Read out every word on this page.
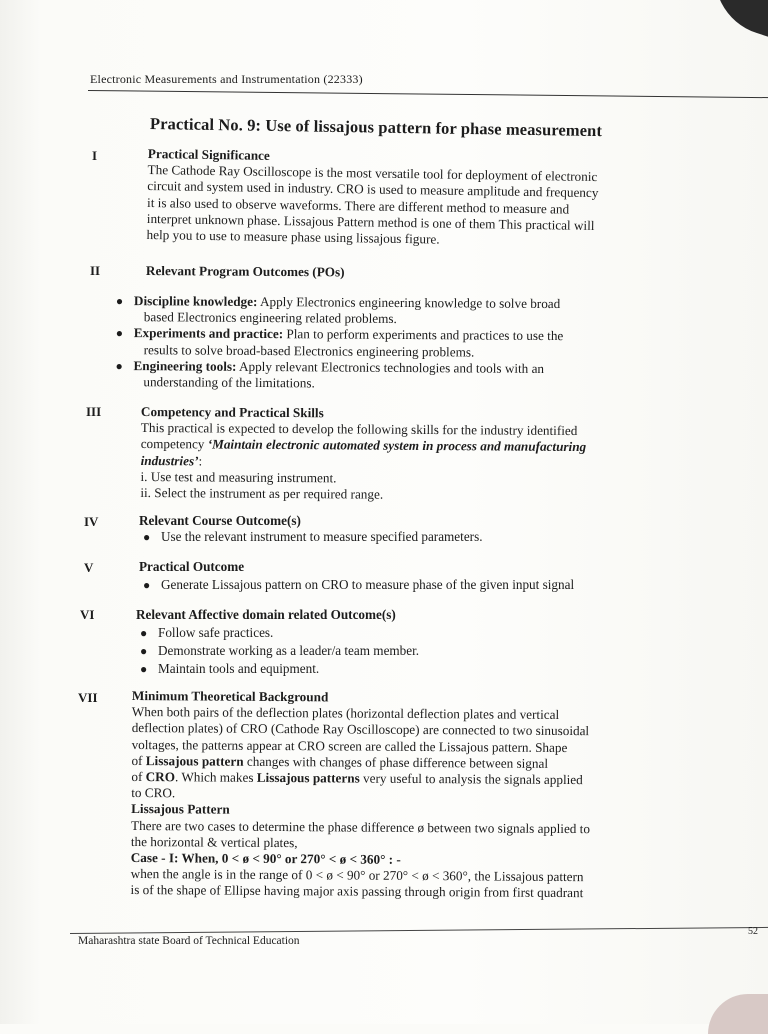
Electronic Measurements and Instrumentation (22333)
Practical No. 9: Use of lissajous pattern for phase measurement
I	Practical Significance
The Cathode Ray Oscilloscope is the most versatile tool for deployment of electronic
circuit and system used in industry. CRO is used to measure amplitude and frequency
it is also used to observe waveforms. There are different method to measure and
interpret unknown phase. Lissajous Pattern method is one of them This practical will
help you to use to measure phase using lissajous figure.
II	Relevant Program Outcomes (POs)
● Discipline knowledge: Apply Electronics engineering knowledge to solve broad
based Electronics engineering related problems.
● Experiments and practice: Plan to perform experiments and practices to use the
results to solve broad-based Electronics engineering problems.
● Engineering tools: Apply relevant Electronics technologies and tools with an
understanding of the limitations.
III	Competency and Practical Skills
This practical is expected to develop the following skills for the industry identified
competency ‘Maintain electronic automated system in process and manufacturing
industries’:
i. Use test and measuring instrument.
ii. Select the instrument as per required range.
IV	Relevant Course Outcome(s)
● Use the relevant instrument to measure specified parameters.
V	Practical Outcome
● Generate Lissajous pattern on CRO to measure phase of the given input signal
VI	Relevant Affective domain related Outcome(s)
● Follow safe practices.
● Demonstrate working as a leader/a team member.
● Maintain tools and equipment.
VII	Minimum Theoretical Background
When both pairs of the deflection plates (horizontal deflection plates and vertical
deflection plates) of CRO (Cathode Ray Oscilloscope) are connected to two sinusoidal
voltages, the patterns appear at CRO screen are called the Lissajous pattern. Shape
of Lissajous pattern changes with changes of phase difference between signal
of CRO. Which makes Lissajous patterns very useful to analysis the signals applied
to CRO.
Lissajous Pattern
There are two cases to determine the phase difference ø between two signals applied to
the horizontal & vertical plates,
Case - I: When, 0 < ø < 90° or 270° < ø < 360° : -
when the angle is in the range of 0 < ø < 90° or 270° < ø < 360°, the Lissajous pattern
is of the shape of Ellipse having major axis passing through origin from first quadrant
Maharashtra state Board of Technical Education
52
